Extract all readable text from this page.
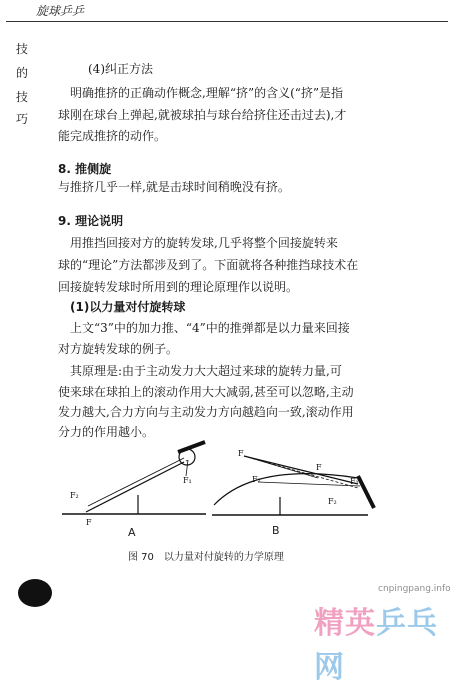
旋球乒乒
技
的
技
巧
(4)纠正方法
明确推挤的正确动作概念,理解“挤”的含义(“挤”是指
球刚在球台上弹起,就被球拍与球台给挤住还击过去),才
能完成推挤的动作。
8. 推侧旋
与推挤几乎一样,就是击球时间稍晚没有挤。
9. 理论说明
用推挡回接对方的旋转发球,几乎将整个回接旋转来
球的“理论”方法都涉及到了。下面就将各种推挡球技术在
回接旋转发球时所用到的理论原理作以说明。
(1)以力量对付旋转球
上文“3”中的加力推、“4”中的推弹都是以力量来回接
对方旋转发球的例子。
其原理是:由于主动发力大大超过来球的旋转力量,可
使来球在球拍上的滚动作用大大减弱,甚至可以忽略,主动
发力越大,合力方向与主动发力方向越趋向一致,滚动作用
分力的作用越小。
F₁
F₂
F
F
F
F₂	F₁
F₂
A	B
图 70　以力量对付旋转的力学原理
cnpingpang.info
精英乒乓网
